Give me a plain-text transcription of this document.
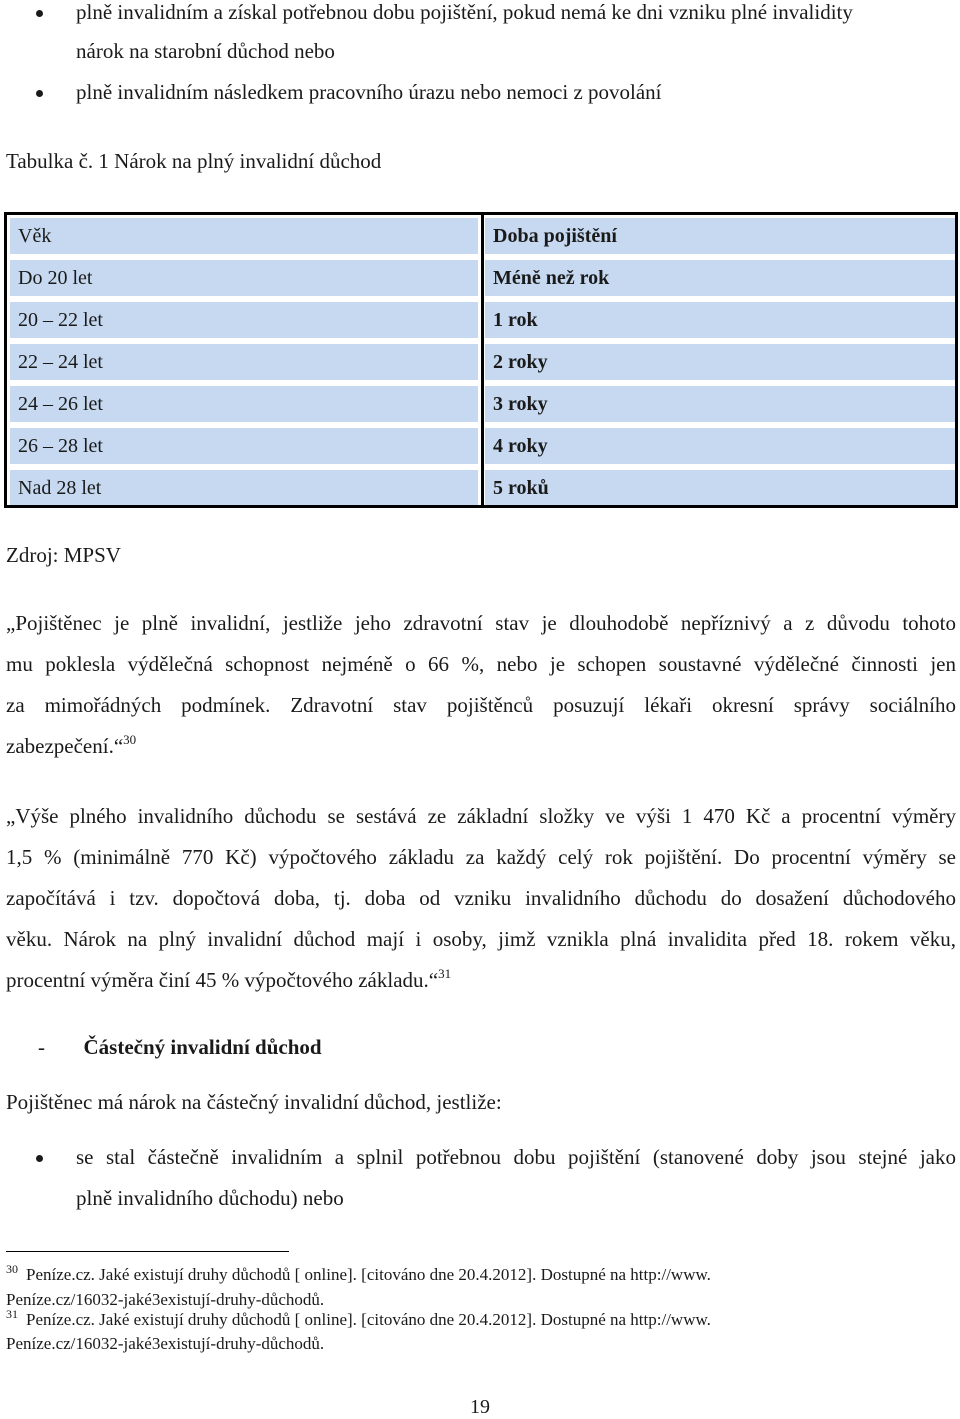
plně invalidním a získal potřebnou dobu pojištění, pokud nemá ke dni vzniku plné invalidity
nárok na starobní důchod nebo
plně invalidním následkem pracovního úrazu nebo nemoci z povolání
Tabulka č. 1 Nárok na plný invalidní důchod
Věk	Doba pojištění
Do 20 let	Méně než rok
20 – 22 let	1 rok
22 – 24 let	2 roky
24 – 26 let	3 roky
26 – 28 let	4 roky
Nad 28 let	5 roků
Zdroj: MPSV
„Pojištěnec je plně invalidní, jestliže jeho zdravotní stav je dlouhodobě nepříznivý a z důvodu tohoto
mu poklesla výdělečná schopnost nejméně o 66 %, nebo je schopen soustavné výdělečné činnosti jen
za mimořádných podmínek. Zdravotní stav pojištěnců posuzují lékaři okresní správy sociálního
zabezpečení.“$^{30}$
„Výše plného invalidního důchodu se sestává ze základní složky ve výši 1 470 Kč a procentní výměry
1,5 % (minimálně 770 Kč) výpočtového základu za každý celý rok pojištění. Do procentní výměry se
započítává i tzv. dopočtová doba, tj. doba od vzniku invalidního důchodu do dosažení důchodového
věku. Nárok na plný invalidní důchod mají i osoby, jimž vznikla plná invalidita před 18. rokem věku,
procentní výměra činí 45 % výpočtového základu.“$^{31}$
- Částečný invalidní důchod
Pojištěnec má nárok na částečný invalidní důchod, jestliže:
se stal částečně invalidním a splnil potřebnou dobu pojištění (stanovené doby jsou stejné jako
plně invalidního důchodu) nebo
$^{30}$ Peníze.cz. Jaké existují druhy důchodů [ online]. [citováno dne 20.4.2012]. Dostupné na http://www.
Peníze.cz/16032-jaké3existují-druhy-důchodů.
$^{31}$ Peníze.cz. Jaké existují druhy důchodů [ online]. [citováno dne 20.4.2012]. Dostupné na http://www.
Peníze.cz/16032-jaké3existují-druhy-důchodů.
19
